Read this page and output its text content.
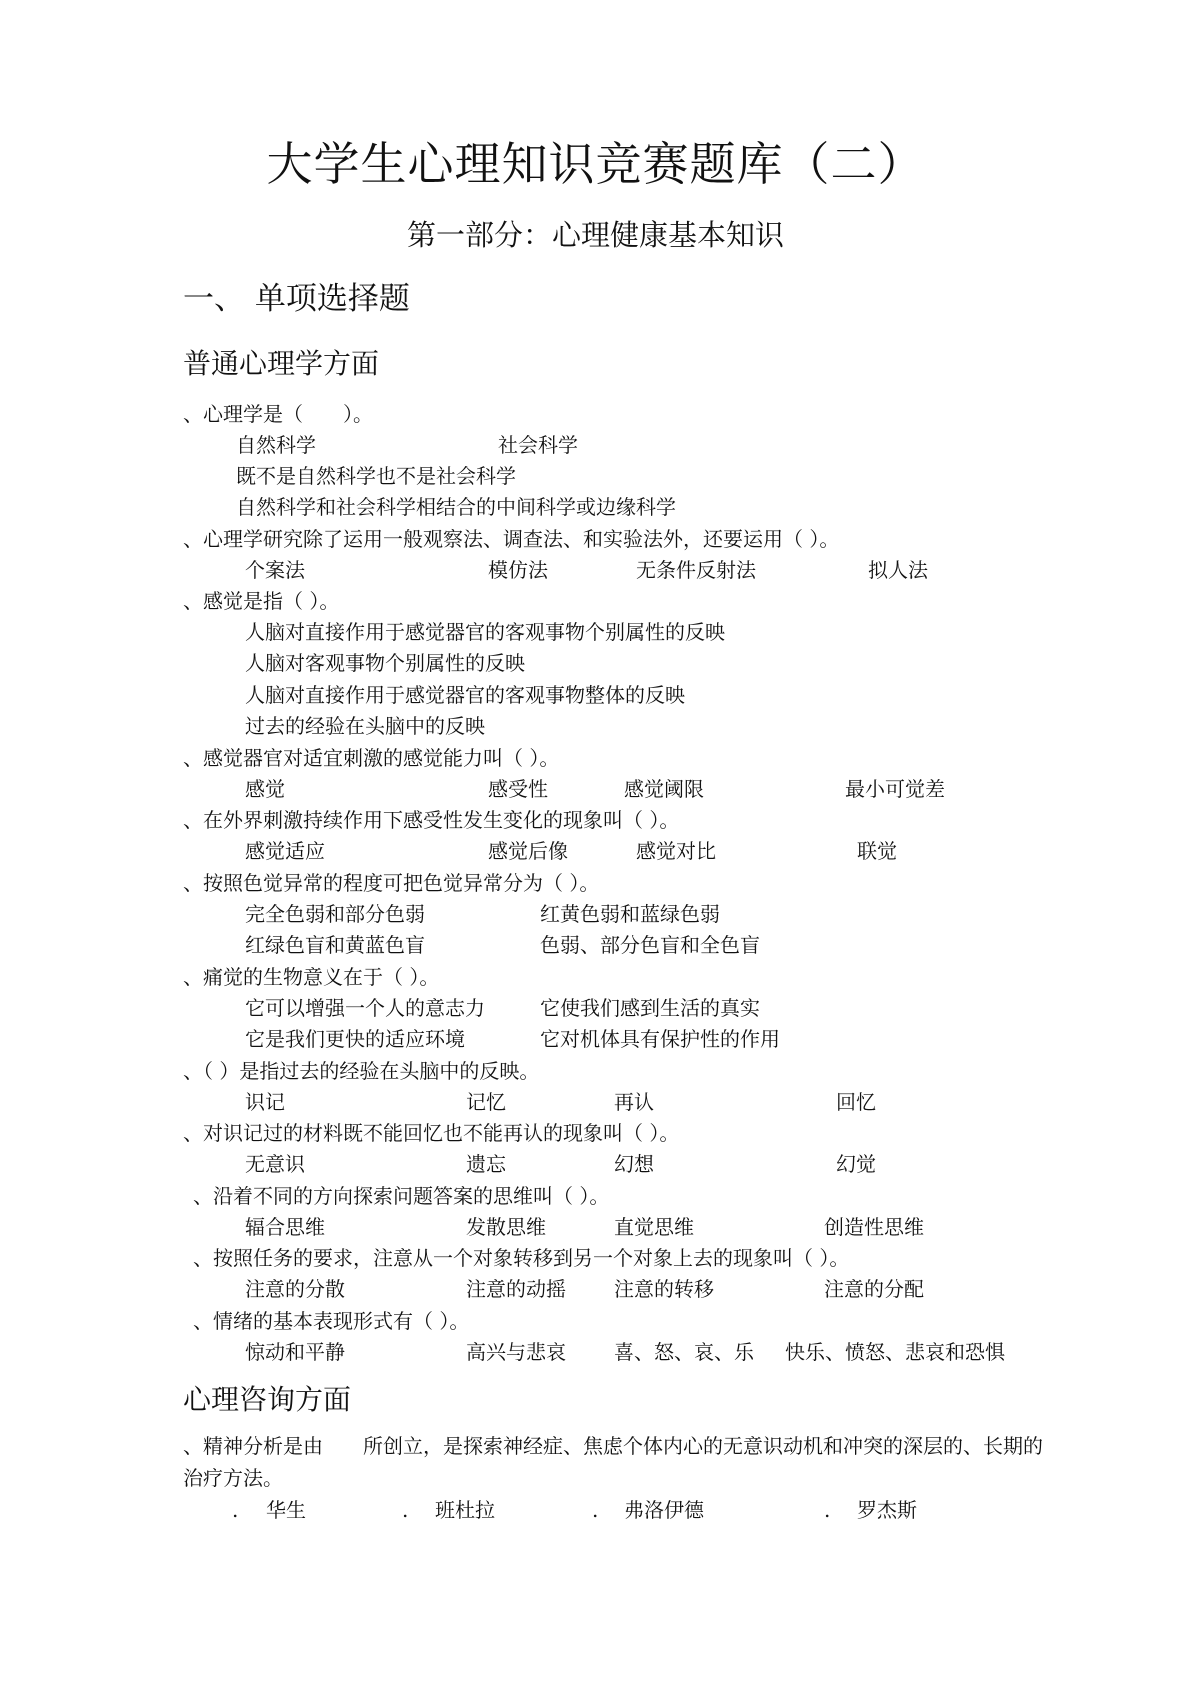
大学生心理知识竞赛题库（二）
第一部分：心理健康基本知识
一、 单项选择题
普通心理学方面
、心理学是（　　）。
自然科学	社会科学
既不是自然科学也不是社会科学
自然科学和社会科学相结合的中间科学或边缘科学
、心理学研究除了运用一般观察法、调查法、和实验法外，还要运用（ ）。
个案法	模仿法	无条件反射法	拟人法
、感觉是指（ ）。
人脑对直接作用于感觉器官的客观事物个别属性的反映
人脑对客观事物个别属性的反映
人脑对直接作用于感觉器官的客观事物整体的反映
过去的经验在头脑中的反映
、感觉器官对适宜刺激的感觉能力叫（ ）。
感觉	感受性	感觉阈限	最小可觉差
、在外界刺激持续作用下感受性发生变化的现象叫（ ）。
感觉适应	感觉后像	感觉对比	联觉
、按照色觉异常的程度可把色觉异常分为（ ）。
完全色弱和部分色弱	红黄色弱和蓝绿色弱
红绿色盲和黄蓝色盲	色弱、部分色盲和全色盲
、痛觉的生物意义在于（ ）。
它可以增强一个人的意志力	它使我们感到生活的真实
它是我们更快的适应环境	它对机体具有保护性的作用
、（ ）是指过去的经验在头脑中的反映。
识记	记忆	再认	回忆
、对识记过的材料既不能回忆也不能再认的现象叫（ ）。
无意识	遗忘	幻想	幻觉
、沿着不同的方向探索问题答案的思维叫（ ）。
辐合思维	发散思维	直觉思维	创造性思维
、按照任务的要求，注意从一个对象转移到另一个对象上去的现象叫（ ）。
注意的分散	注意的动摇 注意的转移	注意的分配
、情绪的基本表现形式有（ ）。
惊动和平静	高兴与悲哀 喜、怒、哀、乐 快乐、愤怒、悲哀和恐惧
心理咨询方面
、精神分析是由　　所创立，是探索神经症、焦虑个体内心的无意识动机和冲突的深层的、长期的治疗方法。
. 华生	. 班杜拉	. 弗洛伊德	. 罗杰斯
